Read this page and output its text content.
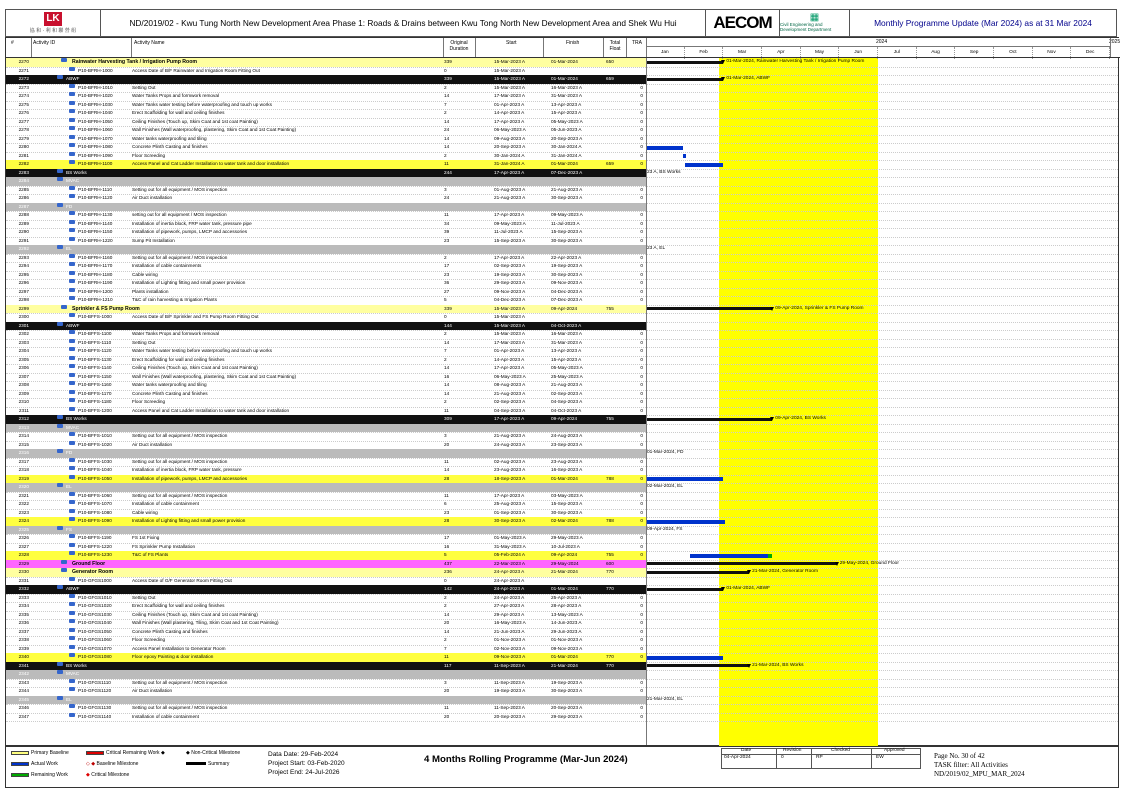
LK
協 和 · 利 和 聯 營 組
ND/2019/02 - Kwu Tung North New Development Area Phase 1: Roads & Drains between Kwu Tong North New Development Area and Shek Wu Hui	AECOM	▦
Civil Engineering and Development Department
Monthly Programme Update (Mar 2024) as at 31 Mar 2024
2270	Rainwater Harvesting Tank / Irrigation Pump Room	339	15-Mar-2023 A	01-Mar-2024	650
2271	P10-BFRH-1000	Access Date of B/F Rainwater and Irrigation Room Fitting Out	0	15-Mar-2023 A
2272	ABWF	339	15-Mar-2023 A	01-Mar-2024	659
2273	P10-BFRH-1010	Setting Out	2	15-Mar-2023 A	16-Mar-2023 A	0
2274	P10-BFRH-1020	Water Tanks Props and formwork removal	14	17-Mar-2023 A	31-Mar-2023 A	0
2275	P10-BFRH-1030	Water Tanks water testing before waterproofing and touch up works	7	01-Apr-2023 A	13-Apr-2023 A	0
2276	P10-BFRH-1040	Erect Scaffolding for wall and ceiling finishes	2	14-Apr-2023 A	15-Apr-2023 A	0
2277	P10-BFRH-1050	Ceiling Finishes (Touch up, Skim Coat and 1st coat Painting)	14	17-Apr-2023 A	05-May-2023 A	0
2278	P10-BFRH-1060	Wall Finishes (Wall waterproofing, plastering, Skim Coat and 1st Coat Painting)	24	06-May-2023 A	05-Jun-2023 A	0
2279	P10-BFRH-1070	Water tanks waterproofing and tiling	14	09-Aug-2023 A	20-Sep-2023 A	0
2280	P10-BFRH-1080	Concrete Plinth Casting and finishes	14	20-Sep-2023 A	30-Jan-2024 A	0
2281	P10-BFRH-1090	Floor Screeding	2	30-Jan-2024 A	31-Jan-2024 A	0
2282	P10-BFRH-1100	Access Panel and Cat Ladder Installation to water tank and door installation	11	31-Jan-2024 A	01-Mar-2024	659	0
2283	BS Works	244	17-Apr-2023 A	07-Dec-2023 A
2284	MVAC
2285	P10-BFRH-1110	Setting out for all equipment / MOS inspection	3	01-Aug-2023 A	21-Aug-2023 A	0
2286	P10-BFRH-1120	Air Duct installation	24	21-Aug-2023 A	30-Sep-2023 A	0
2287	FD
2288	P10-BFRH-1130	setting out for all equipment / MOS inspection	11	17-Apr-2023 A	09-May-2023 A	0
2289	P10-BFRH-1140	Installation of inertia block, FRP water tank, pressure pipe	34	09-May-2023 A	11-Jul-2023 A	0
2290	P10-BFRH-1150	Installation of pipework, pumps, LMCP and accessories	39	11-Jul-2023 A	15-Sep-2023 A	0
2291	P10-BFRH-1220	Sump Pit Installation	23	15-Sep-2023 A	30-Sep-2023 A	0
2292	EL
2293	P10-BFRH-1160	Setting out for all equipment / MOS inspection	2	17-Apr-2023 A	22-Apr-2023 A	0
2294	P10-BFRH-1170	Installation of cable containments	17	02-Sep-2023 A	19-Sep-2023 A	0
2295	P10-BFRH-1180	Cable wiring	23	19-Sep-2023 A	30-Sep-2023 A	0
2296	P10-BFRH-1190	Installation of Lighting fitting and small power provision	36	29-Sep-2023 A	09-Nov-2023 A	0
2297	P10-BFRH-1200	Plants installation	27	09-Nov-2023 A	04-Dec-2023 A	0
2298	P10-BFRH-1210	T&C of rain harvesting & Irrigation Plants	5	04-Dec-2023 A	07-Dec-2023 A	0
2299	Sprinkler & FS Pump Room	339	15-Mar-2023 A	09-Apr-2024	755
2300	P10-BFFS-1000	Access Date of B/F Sprinkler and FS Pump Room Fitting Out	0	15-Mar-2023 A
2301	ABWF	144	15-Mar-2023 A	04-Oct-2023 A
2302	P10-BFFS-1100	Water Tanks Props and formwork removal	2	15-Mar-2023 A	16-Mar-2023 A	0
2303	P10-BFFS-1110	Setting Out	14	17-Mar-2023 A	31-Mar-2023 A	0
2304	P10-BFFS-1120	Water Tanks water testing before waterproofing and touch up works	7	01-Apr-2023 A	13-Apr-2023 A	0
2305	P10-BFFS-1130	Erect Scaffolding for wall and ceiling finishes	2	14-Apr-2023 A	15-Apr-2023 A	0
2306	P10-BFFS-1140	Ceiling Finishes (Touch up, Skim Coat and 1st coat Painting)	14	17-Apr-2023 A	05-May-2023 A	0
2307	P10-BFFS-1150	Wall Finishes (Wall waterproofing, plastering, Skim Coat and 1st Coat Painting)	16	06-May-2023 A	25-May-2023 A	0
2308	P10-BFFS-1160	Water tanks waterproofing and tiling	14	08-Aug-2023 A	21-Aug-2023 A	0
2309	P10-BFFS-1170	Concrete Plinth Casting and finishes	14	21-Aug-2023 A	02-Sep-2023 A	0
2310	P10-BFFS-1180	Floor Screeding	2	02-Sep-2023 A	04-Sep-2023 A	0
2311	P10-BFFS-1200	Access Panel and Cat Ladder Installation to water tank and door installation	11	04-Sep-2023 A	04-Oct-2023 A	0
2312	BS Works	309	17-Apr-2023 A	09-Apr-2024	755
2313	MVAC
2314	P10-BFFS-1010	Setting out for all equipment / MOS inspection	3	21-Aug-2023 A	24-Aug-2023 A	0
2315	P10-BFFS-1020	Air Duct installation	20	24-Aug-2023 A	23-Sep-2023 A	0
2316	FD
2317	P10-BFFS-1030	Setting out for all equipment / MOS inspection	11	02-Aug-2023 A	23-Aug-2023 A	0
2318	P10-BFFS-1040	Installation of inertia block, FRP water tank, pressure	14	23-Aug-2023 A	16-Sep-2023 A	0
2319	P10-BFFS-1050	Installation of pipework, pumps, LMCP and accessories	28	18-Sep-2023 A	01-Mar-2024	788	0
2320	EL
2321	P10-BFFS-1060	Setting out for all equipment / MOS inspection	11	17-Apr-2023 A	03-May-2023 A	0
2322	P10-BFFS-1070	Installation of cable containment	6	25-Aug-2023 A	15-Sep-2023 A	0
2323	P10-BFFS-1080	Cable wiring	23	01-Sep-2023 A	30-Sep-2023 A	0
2324	P10-BFFS-1090	Installation of Lighting fitting and small power provision	28	30-Sep-2023 A	02-Mar-2024	788	0
2325	FS
2326	P10-BFFS-1190	FS 1st Fixing	17	01-May-2023 A	29-May-2023 A	0
2327	P10-BFFS-1220	FS Sprinkler Pump Installation	16	31-May-2023 A	10-Jul-2023 A	0
2328	P10-BFFS-1230	T&C of FS Plants	5	05-Feb-2024 A	09-Apr-2024	755	0
2329	Ground Floor	437	22-Mar-2023 A	29-May-2024	600
2330	Generator Room	236	24-Apr-2023 A	21-Mar-2024	770
2331	P10-GFGS1000	Access Date of G/F Generator Room Fitting Out	0	24-Apr-2023 A
2332	ABWF	142	24-Apr-2023 A	01-Mar-2024	770
2333	P10-GFGS1010	Setting Out	2	24-Apr-2023 A	25-Apr-2023 A	0
2334	P10-GFGS1020	Erect Scaffolding for wall and ceiling finishes	2	27-Apr-2023 A	28-Apr-2023 A	0
2335	P10-GFGS1030	Ceiling Finishes (Touch up, Skim Coat and 1st coat Painting)	14	29-Apr-2023 A	13-May-2023 A	0
2336	P10-GFGS1040	Wall Finishes (Wall plastering, Tiling, Skim Coat and 1st Coat Painting)	20	16-May-2023 A	14-Jun-2023 A	0
2337	P10-GFGS1050	Concrete Plinth Casting and finishes	14	21-Jun-2023 A	29-Jun-2023 A	0
2338	P10-GFGS1060	Floor Screeding	2	01-Nov-2023 A	01-Nov-2023 A	0
2339	P10-GFGS1070	Access Panel Installation to Generator Room	7	02-Nov-2023 A	09-Nov-2023 A	0
2340	P10-GFGS1080	Floor epoxy Painting & door installation	11	09-Nov-2023 A	01-Mar-2024	770	0
2341	BS Works	117	11-Sep-2023 A	21-Mar-2024	770
2342	MVAC
2343	P10-GFGS1110	Setting out for all equipment / MOS inspection	3	11-Sep-2023 A	19-Sep-2023 A	0
2344	P10-GFGS1120	Air Duct installation	20	19-Sep-2023 A	30-Sep-2023 A	0
2345	EL
2346	P10-GFGS1130	Setting out for all equipment / MOS inspection	11	11-Sep-2023 A	20-Sep-2023 A	0
2347	P10-GFGS1140	Installation of cable containment	20	20-Sep-2023 A	29-Sep-2023 A	0
01-Mar-2024, Rainwater Harvesting Tank / Irrigation Pump Room
01-Mar-2024, ABWF
23 A, BS Works
23 A, EL
09-Apr-2024, Sprinkler & FS Pump Room
09-Apr-2024, BS Works
01-Mar-2024, FD
02-Mar-2024, EL
09-Apr-2024, FS
29-May-2024, Ground Floor
21-Mar-2024, Generator Room
01-Mar-2024, ABWF
21-Mar-2024, BS Works
21-Mar-2024, EL
#	Activity ID	Activity Name	Original Duration
Start	Finish	Total Float
TRA	2024	2025
Jan	Feb	Mar	Apr	May	Jun	Jul	Aug	Sep	Oct	Nov	Dec
Primary Baseline
Actual Work
Remaining Work
Critical Remaining Work ◆
◇ ◆ Baseline Milestone
◆ Critical Milestone
◆ Non-Critical Milestone
Summary
Data Date: 29-Feb-2024
Project Start: 03-Feb-2020
Project End: 24-Jul-2026
4 Months Rolling Programme (Mar-Jun 2024)
Date	Revision	Checked	Approved
04-Apr-2024	0	RP	EW	Page No. 30 of 42
TASK filter: All Activities
ND/2019/02_MPU_MAR_2024
